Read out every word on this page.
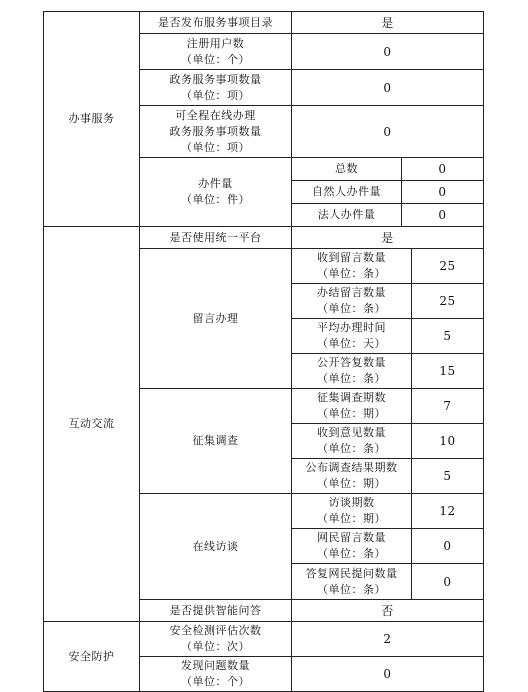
办事服务	是否发布服务事项目录	是		

	注册用户数
（单位：个）	0		

	政务服务事项数量
（单位：项）	0		

	可全程在线办理
政务服务事项数量
（单位：项）	0		

	办件量
（单位：件）	总数	0	

		自然人办件量	0	

		法人办件量	0	

互动交流	是否使用统一平台	是		

	留言办理	收到留言数量
（单位：条）		25

		办结留言数量
（单位：条）		25

		平均办理时间
（单位：天）		5

		公开答复数量
（单位：条）		15

	征集调查	征集调查期数
（单位：期）		7

		收到意见数量
（单位：条）		10

		公布调查结果期数
（单位：期）		5

	在线访谈	访谈期数
（单位：期）		12

		网民留言数量
（单位：条）		0

		答复网民提问数量
（单位：条）		0

	是否提供智能问答	否		

安全防护	安全检测评估次数
（单位：次）	2		

	发现问题数量
（单位：个）	0		
